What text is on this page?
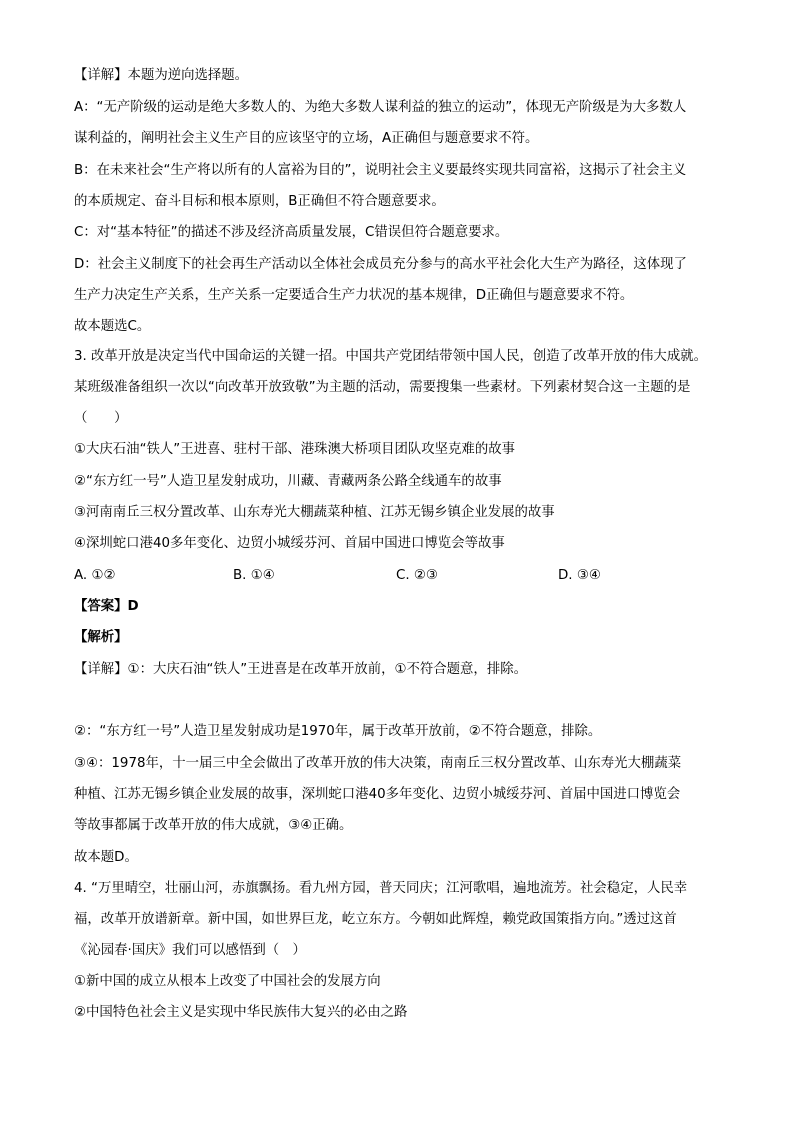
【详解】本题为逆向选择题。
A：“无产阶级的运动是绝大多数人的、为绝大多数人谋利益的独立的运动”，体现无产阶级是为大多数人
谋利益的，阐明社会主义生产目的应该坚守的立场，A正确但与题意要求不符。
B：在未来社会“生产将以所有的人富裕为目的”，说明社会主义要最终实现共同富裕，这揭示了社会主义
的本质规定、奋斗目标和根本原则，B正确但不符合题意要求。
C：对“基本特征”的描述不涉及经济高质量发展，C错误但符合题意要求。
D：社会主义制度下的社会再生产活动以全体社会成员充分参与的高水平社会化大生产为路径，这体现了
生产力决定生产关系，生产关系一定要适合生产力状况的基本规律，D正确但与题意要求不符。
故本题选C。
3. 改革开放是决定当代中国命运的关键一招。中国共产党团结带领中国人民，创造了改革开放的伟大成就。
某班级准备组织一次以“向改革开放致敬”为主题的活动，需要搜集一些素材。下列素材契合这一主题的是
（　　）
①大庆石油“铁人”王进喜、驻村干部、港珠澳大桥项目团队攻坚克难的故事
②“东方红一号”人造卫星发射成功，川藏、青藏两条公路全线通车的故事
③河南南丘三权分置改革、山东寿光大棚蔬菜种植、江苏无锡乡镇企业发展的故事
④深圳蛇口港40多年变化、边贸小城绥芬河、首届中国进口博览会等故事
A. ①②	B. ①④	C. ②③	D. ③④
【答案】D
【解析】
【详解】①：大庆石油“铁人”王进喜是在改革开放前，①不符合题意，排除。
②：“东方红一号”人造卫星发射成功是1970年，属于改革开放前，②不符合题意，排除。
③④：1978年，十一届三中全会做出了改革开放的伟大决策，南南丘三权分置改革、山东寿光大棚蔬菜
种植、江苏无锡乡镇企业发展的故事，深圳蛇口港40多年变化、边贸小城绥芬河、首届中国进口博览会
等故事都属于改革开放的伟大成就，③④正确。
故本题D。
4. “万里晴空，壮丽山河，赤旗飘扬。看九州方园，普天同庆；江河歌唱，遍地流芳。社会稳定，人民幸
福，改革开放谱新章。新中国，如世界巨龙，屹立东方。今朝如此辉煌，赖党政国策指方向。”透过这首
《沁园春·国庆》我们可以感悟到（　）
①新中国的成立从根本上改变了中国社会的发展方向
②中国特色社会主义是实现中华民族伟大复兴的必由之路
